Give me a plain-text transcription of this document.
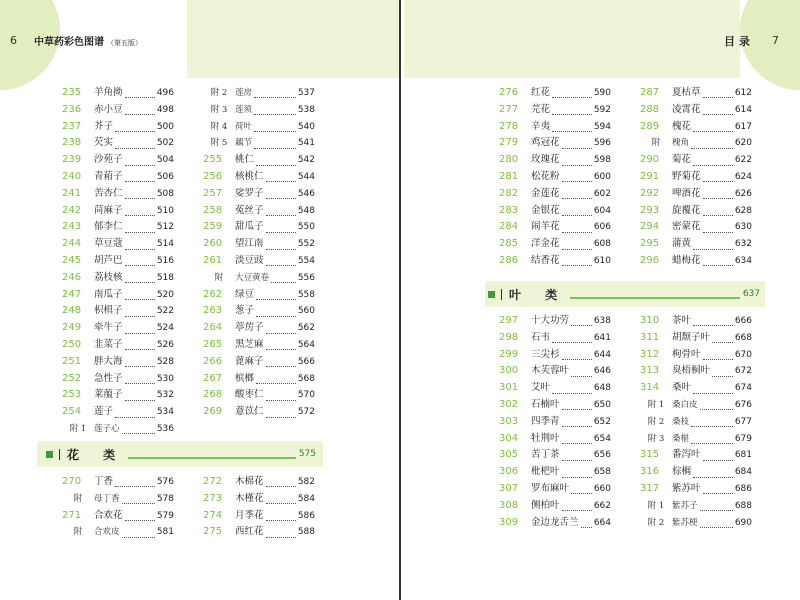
6 中草药彩色图谱 （第五版）
235	羊角拗	496
236	赤小豆	498
237	芥子	500
238	芡实	502
239	沙苑子	504
240	青葙子	506
241	苦杏仁	508
242	苘麻子	510
243	郁李仁	512
244	草豆蔻	514
245	胡芦巴	516
246	荔枝核	518
247	南瓜子	520
248	枳椇子	522
249	牵牛子	524
250	韭菜子	526
251	胖大海	528
252	急性子	530
253	莱菔子	532
254	莲子	534
附 1 莲子心	536
附 2 莲房	537
附 3 莲须	538
附 4 荷叶	540
附 5 藕节	541
255	桃仁	542
256	核桃仁	544
257	娑罗子	546
258	菟丝子	548
259	甜瓜子	550
260	望江南	552
261	淡豆豉	554
附	大豆黄卷	556
262	绿豆	558
263	葱子	560
264	葶苈子	562
265	黑芝麻	564
266	蓖麻子	566
267	槟榔	568
268	酸枣仁	570
269	薏苡仁	572
花 类	575
270	丁香	576
附	母丁香	578
271	合欢花	579
附	合欢皮	581
272	木棉花	582
273	木槿花	584
274	月季花	586
275	西红花	588
目 录 7
276	红花	590
277	芫花	592
278	辛夷	594
279	鸡冠花	596
280	玫瑰花	598
281	松花粉	600
282	金莲花	602
283	金银花	604
284	闹羊花	606
285	洋金花	608
286	结香花	610
287	夏枯草	612
288	凌霄花	614
289	槐花	617
附	槐角	620
290	菊花	622
291	野菊花	624
292	啤酒花	626
293	旋覆花	628
294	密蒙花	630
295	蒲黄	632
296	蜡梅花	634
叶 类	637
297	十大功劳	638
298	石韦	641
299	三尖杉	644
300	木芙蓉叶	646
301	艾叶	648
302	石楠叶	650
303	四季青	652
304	牡荆叶	654
305	苦丁茶	656
306	枇杷叶	658
307	罗布麻叶	660
308	侧柏叶	662
309	金边龙舌兰 664
310	茶叶	666
311	胡颓子叶	668
312	枸骨叶	670
313	臭梧桐叶	672
314	桑叶	674
附 1 桑白皮	676
附 2 桑枝	677
附 3 桑椹	679
315	番泻叶	681
316	棕榈	684
317	紫苏叶	686
附 1 紫苏子	688
附 2 紫苏梗	690
